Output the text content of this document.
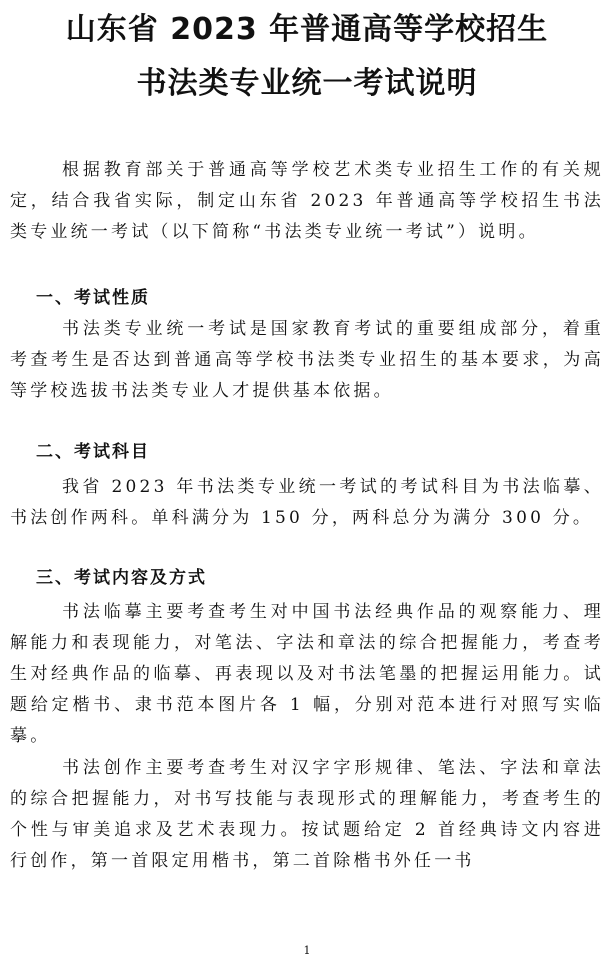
山东省 2023 年普通高等学校招生
书法类专业统一考试说明

根据教育部关于普通高等学校艺术类专业招生工作的有关规定，结合我省实际，制定山东省 2023 年普通高等学校招生书法类专业统一考试（以下简称“书法类专业统一考试”）说明。

一、考试性质

书法类专业统一考试是国家教育考试的重要组成部分，着重考查考生是否达到普通高等学校书法类专业招生的基本要求，为高等学校选拔书法类专业人才提供基本依据。

二、考试科目

我省 2023 年书法类专业统一考试的考试科目为书法临摹、书法创作两科。单科满分为 150 分，两科总分为满分 300 分。

三、考试内容及方式

书法临摹主要考查考生对中国书法经典作品的观察能力、理解能力和表现能力，对笔法、字法和章法的综合把握能力，考查考生对经典作品的临摹、再表现以及对书法笔墨的把握运用能力。试题给定楷书、隶书范本图片各 1 幅，分别对范本进行对照写实临摹。

书法创作主要考查考生对汉字字形规律、笔法、字法和章法的综合把握能力，对书写技能与表现形式的理解能力，考查考生的个性与审美追求及艺术表现力。按试题给定 2 首经典诗文内容进行创作，第一首限定用楷书，第二首除楷书外任一书

1
